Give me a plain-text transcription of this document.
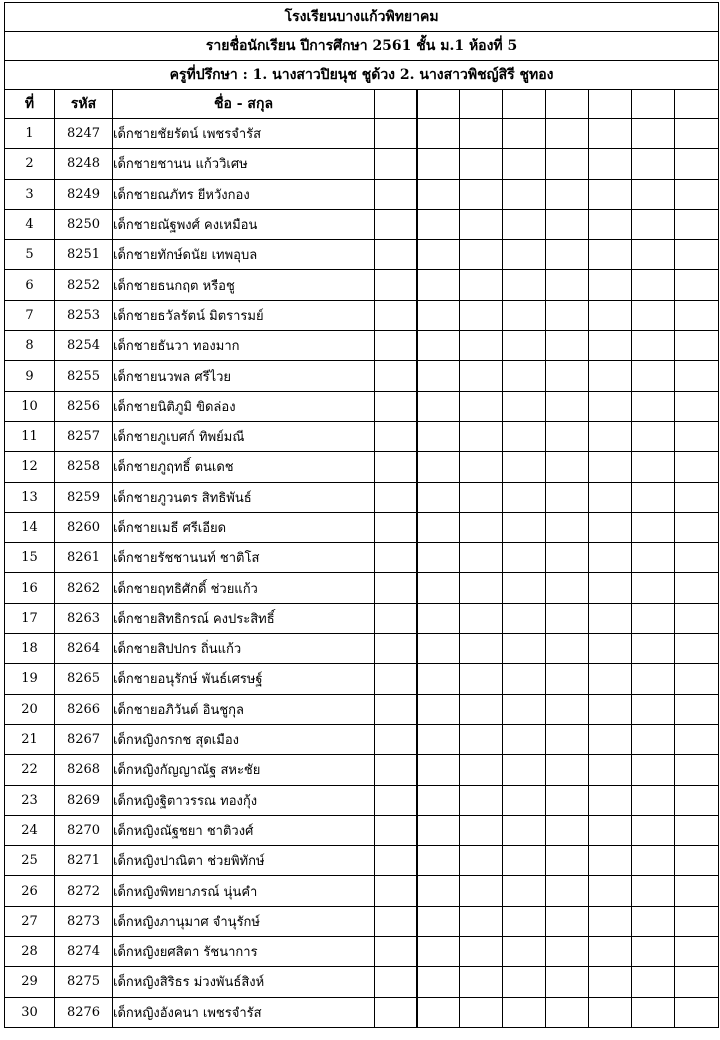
โรงเรียนบางแก้วพิทยาคม										
รายชื่อนักเรียน ปีการศึกษา 2561 ชั้น ม.1 ห้องที่ 5										
ครูที่ปรึกษา : 1. นางสาวปิยนุช ชูด้วง 2. นางสาวพิชญ์สิรี ชูทอง										
ที่	รหัส	ชื่อ - สกุล								
1	8247	เด็กชายชัยรัตน์ เพชรจำรัส								
2	8248	เด็กชายชานน แก้ววิเศษ								
3	8249	เด็กชายณภัทร ยีหวังกอง								
4	8250	เด็กชายณัฐพงศ์ คงเหมือน								
5	8251	เด็กชายทักษ์ดนัย เทพอุบล								
6	8252	เด็กชายธนกฤต หรือชู								
7	8253	เด็กชายธวัลรัตน์ มิตรารมย์								
8	8254	เด็กชายธันวา ทองมาก								
9	8255	เด็กชายนวพล ศรีไวย								
10	8256	เด็กชายนิติภูมิ ขิดล่อง								
11	8257	เด็กชายภูเบศก์ ทิพย์มณี								
12	8258	เด็กชายภูฤทธิ์ ตนเดช								
13	8259	เด็กชายภูวนตร สิทธิพันธ์								
14	8260	เด็กชายเมธี ศรีเอียด								
15	8261	เด็กชายรัชชานนท์ ชาติโส								
16	8262	เด็กชายฤทธิศักดิ์ ช่วยแก้ว								
17	8263	เด็กชายสิทธิกรณ์ คงประสิทธิ์								
18	8264	เด็กชายสิปปกร ถิ่นแก้ว								
19	8265	เด็กชายอนุรักษ์ พันธ์เศรษฐ์								
20	8266	เด็กชายอภิวันต์ อินชูกุล								
21	8267	เด็กหญิงกรกช สุดเมือง								
22	8268	เด็กหญิงกัญญาณัฐ สหะชัย								
23	8269	เด็กหญิงฐิตาวรรณ ทองกุ้ง								
24	8270	เด็กหญิงณัฐชยา ชาติวงศ์								
25	8271	เด็กหญิงปาณิตา ช่วยพิทักษ์								
26	8272	เด็กหญิงพิทยาภรณ์ นุ่นคำ								
27	8273	เด็กหญิงภานุมาศ จำนุรักษ์								
28	8274	เด็กหญิงยศสิตา รัชนาการ								
29	8275	เด็กหญิงสิริธร ม่วงพันธ์สิงห์								
30	8276	เด็กหญิงอังคนา เพชรจำรัส								
